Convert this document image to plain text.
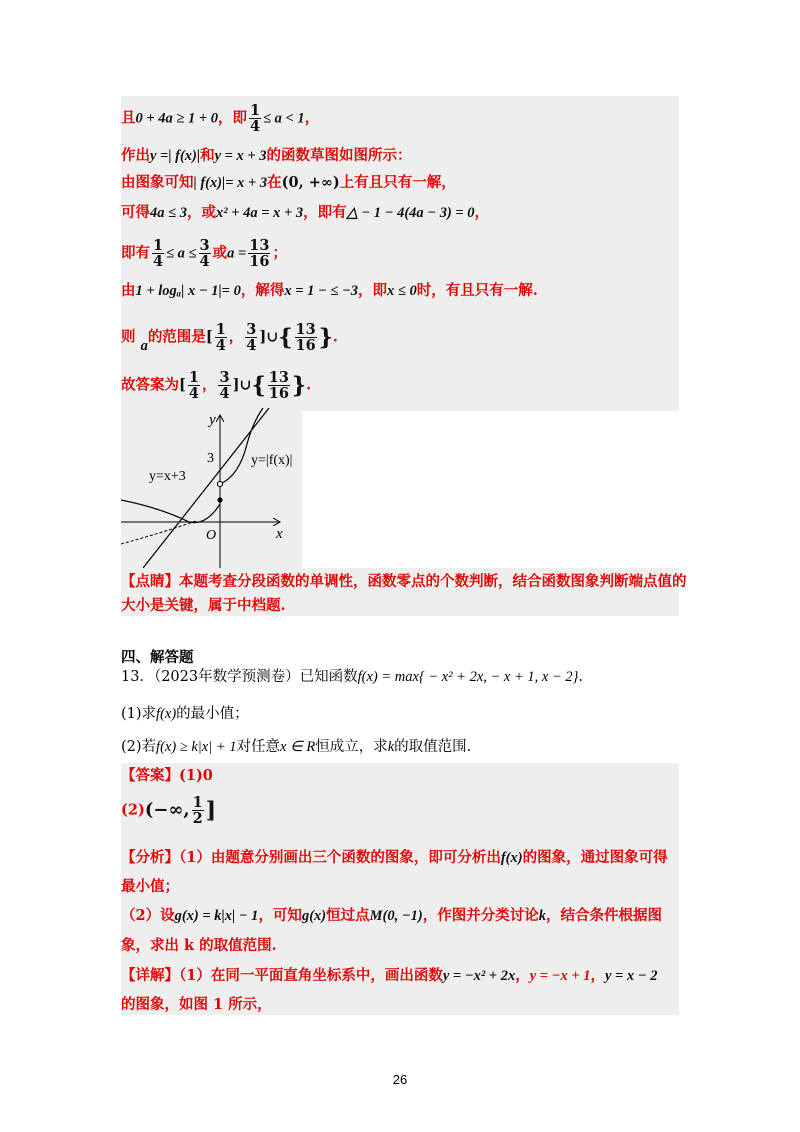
且0 + 4a ≥ 1 + 0，即 $\frac{1}{4} \le a < 1$，
作出y =| f(x)|和y = x + 3的函数草图如图所示：
由图象可知| f(x)|= x + 3在(0, +∞)上有且只有一解，
可得4a ≤ 3，或x² + 4a = x + 3，即有△ − 1 − 4(4a − 3) = 0，
即有 $\frac{1}{4} \le a \le \frac{3}{4}$ 或$a = \frac{13}{16}$ ；
由1 + logₐ| x − 1|= 0，解得x = 1 − ≤ −3，即x ≤ 0时，有且只有一解.
则 a的范围是[ $\frac{1}{4}$ ， $\frac{3}{4}$ ]∪{ $\frac{13}{16}$ }.
故答案为[ $\frac{1}{4}$ ， $\frac{3}{4}$ ]∪{ $\frac{13}{16}$ }.
y
x
O
3	y=|f(x)|
y=x+3
【点睛】本题考查分段函数的单调性，函数零点的个数判断，结合函数图象判断端点值的
大小是关键，属于中档题.
四、解答题
13．（2023年数学预测卷）已知函数f(x) = max{ − x² + 2x, − x + 1, x − 2}.
(1)求f(x)的最小值；
(2)若f(x) ≥ k|x| + 1对任意x ∈ R恒成立，求k的取值范围.
【答案】(1)0
(2)(−∞, $\frac{1}{2}$ ]
【分析】（1）由题意分别画出三个函数的图象，即可分析出f(x)的图象，通过图象可得
最小值；
（2）设g(x) = k|x| − 1，可知g(x)恒过点M(0, −1)，作图并分类讨论k，结合条件根据图
象，求出 k 的取值范围.
【详解】（1）在同一平面直角坐标系中，画出函数y = −x² + 2x，y = −x + 1，y = x − 2
的图象，如图 1 所示，
26
